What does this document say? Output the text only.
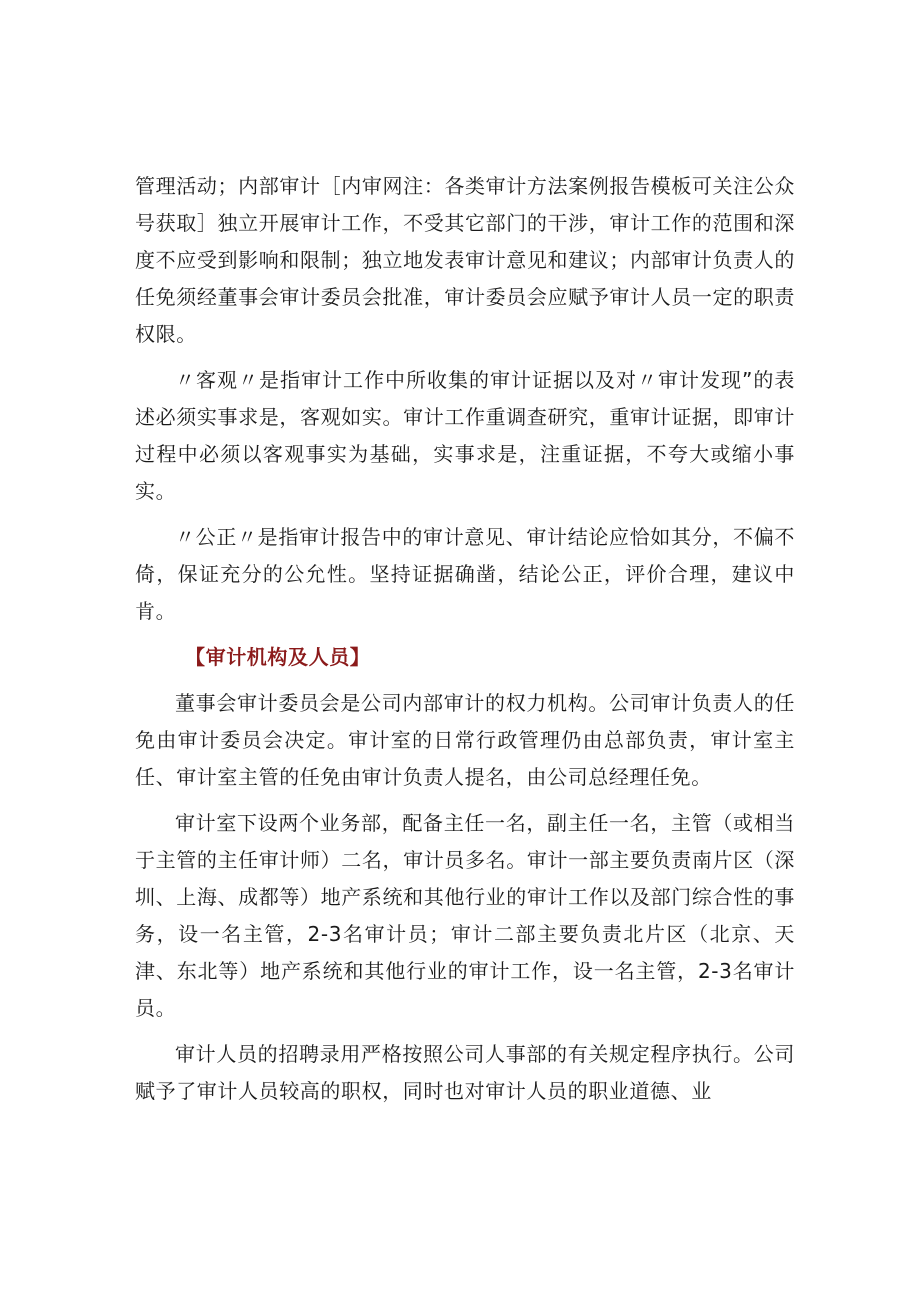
管理活动；内部审计［内审网注：各类审计方法案例报告模板可关注公众号获取］独立开展审计工作，不受其它部门的干涉，审计工作的范围和深度不应受到影响和限制；独立地发表审计意见和建议；内部审计负责人的任免须经董事会审计委员会批准，审计委员会应赋予审计人员一定的职责权限。

〃客观〃是指审计工作中所收集的审计证据以及对〃审计发现”的表述必须实事求是，客观如实。审计工作重调查研究，重审计证据，即审计过程中必须以客观事实为基础，实事求是，注重证据，不夸大或缩小事实。

〃公正〃是指审计报告中的审计意见、审计结论应恰如其分，不偏不倚，保证充分的公允性。坚持证据确凿，结论公正，评价合理，建议中肯。

【审计机构及人员】

董事会审计委员会是公司内部审计的权力机构。公司审计负责人的任免由审计委员会决定。审计室的日常行政管理仍由总部负责，审计室主任、审计室主管的任免由审计负责人提名，由公司总经理任免。

审计室下设两个业务部，配备主任一名，副主任一名，主管（或相当于主管的主任审计师）二名，审计员多名。审计一部主要负责南片区（深圳、上海、成都等）地产系统和其他行业的审计工作以及部门综合性的事务，设一名主管，2-3名审计员；审计二部主要负责北片区（北京、天津、东北等）地产系统和其他行业的审计工作，设一名主管，2-3名审计员。

审计人员的招聘录用严格按照公司人事部的有关规定程序执行。公司赋予了审计人员较高的职权，同时也对审计人员的职业道德、业
